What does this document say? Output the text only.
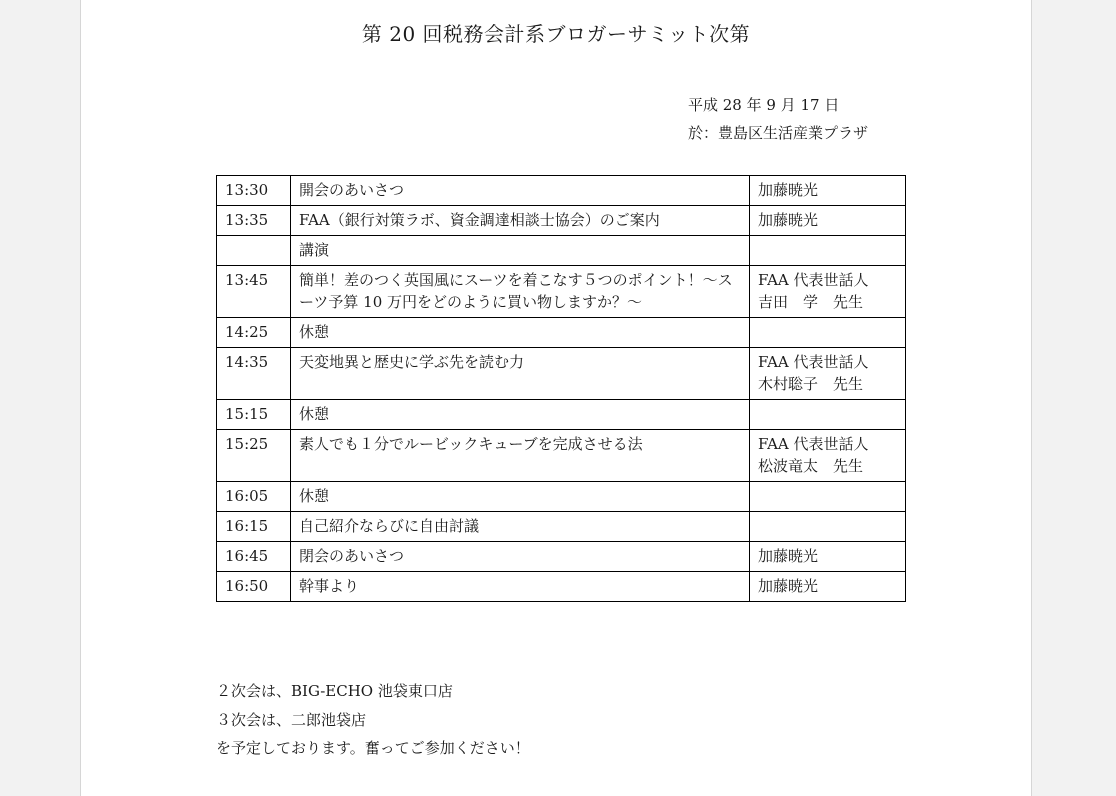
第 20 回税務会計系ブロガーサミット次第
平成 28 年 9 月 17 日
於：豊島区生活産業プラザ
13:30	開会のあいさつ	加藤暁光

13:35	FAA（銀行対策ラボ、資金調達相談士協会）のご案内	加藤暁光

	講演	
13:45	簡単！差のつく英国風にスーツを着こなす５つのポイント！～スーツ予算 10 万円をどのように買い物しますか？～	FAA 代表世話人
吉田　学　先生

14:25	休憩	
14:35	天変地異と歴史に学ぶ先を読む力	FAA 代表世話人
木村聡子　先生

15:15	休憩	
15:25	素人でも１分でルービックキューブを完成させる法	FAA 代表世話人
松波竜太　先生

16:05	休憩	
16:15	自己紹介ならびに自由討議	
16:45	閉会のあいさつ	加藤暁光

16:50	幹事より	加藤暁光
２次会は、BIG-ECHO 池袋東口店
３次会は、二郎池袋店
を予定しております。奮ってご参加ください！
